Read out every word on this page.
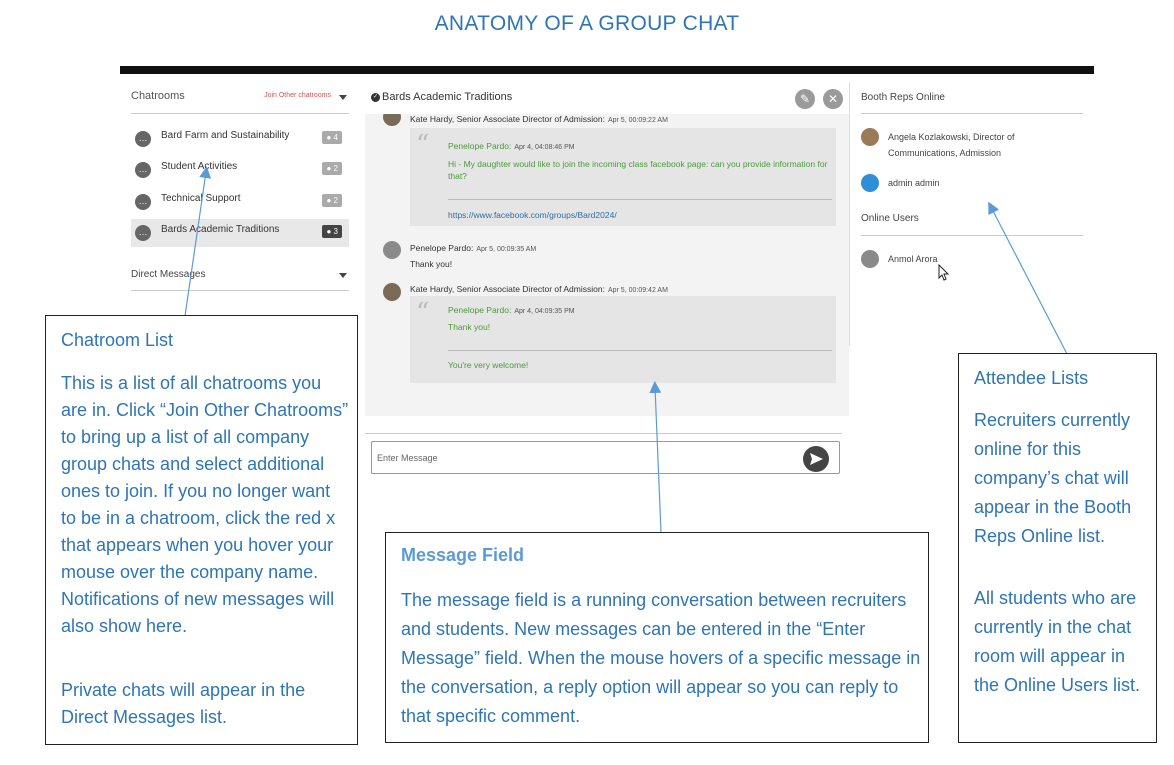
ANATOMY OF A GROUP CHAT
Chatrooms	Join Other chatrooms
…	Bard Farm and Sustainability	● 4
…	Student Activities	● 2
…	Technical Support	● 2
…	Bards Academic Traditions	● 3
Direct Messages
✓ Bards Academic Traditions	✎	✕
Kate Hardy, Senior Associate Director of Admission: Apr 5, 00:09:22 AM
“ Penelope Pardo: Apr 4, 04:08:46 PM
Hi - My daughter would like to join the incoming class facebook page: can you provide information for that?
https://www.facebook.com/groups/Bard2024/
Penelope Pardo: Apr 5, 00:09:35 AM
Thank you!
Kate Hardy, Senior Associate Director of Admission: Apr 5, 00:09:42 AM
Booth Reps Online
Angela Kozlakowski, Director of Communications, Admission
admin admin
Online Users
Anmol Arora
“ Penelope Pardo: Apr 4, 04:09:35 PM
Thank you!
You're very welcome!
Enter Message
Chatroom List

This is a list of all chatrooms you are in. Click “Join Other Chatrooms” to bring up a list of all company group chats and select additional ones to join. If you no longer want to be in a chatroom, click the red x that appears when you hover your mouse over the company name. Notifications of new messages will also show here.

Private chats will appear in the Direct Messages list.

Message Field

The message field is a running conversation between recruiters and students. New messages can be entered in the “Enter Message” field. When the mouse hovers of a specific message in the conversation, a reply option will appear so you can reply to that specific comment.

Attendee Lists

Recruiters currently online for this company’s chat will appear in the Booth Reps Online list.

All students who are currently in the chat room will appear in the Online Users list.
